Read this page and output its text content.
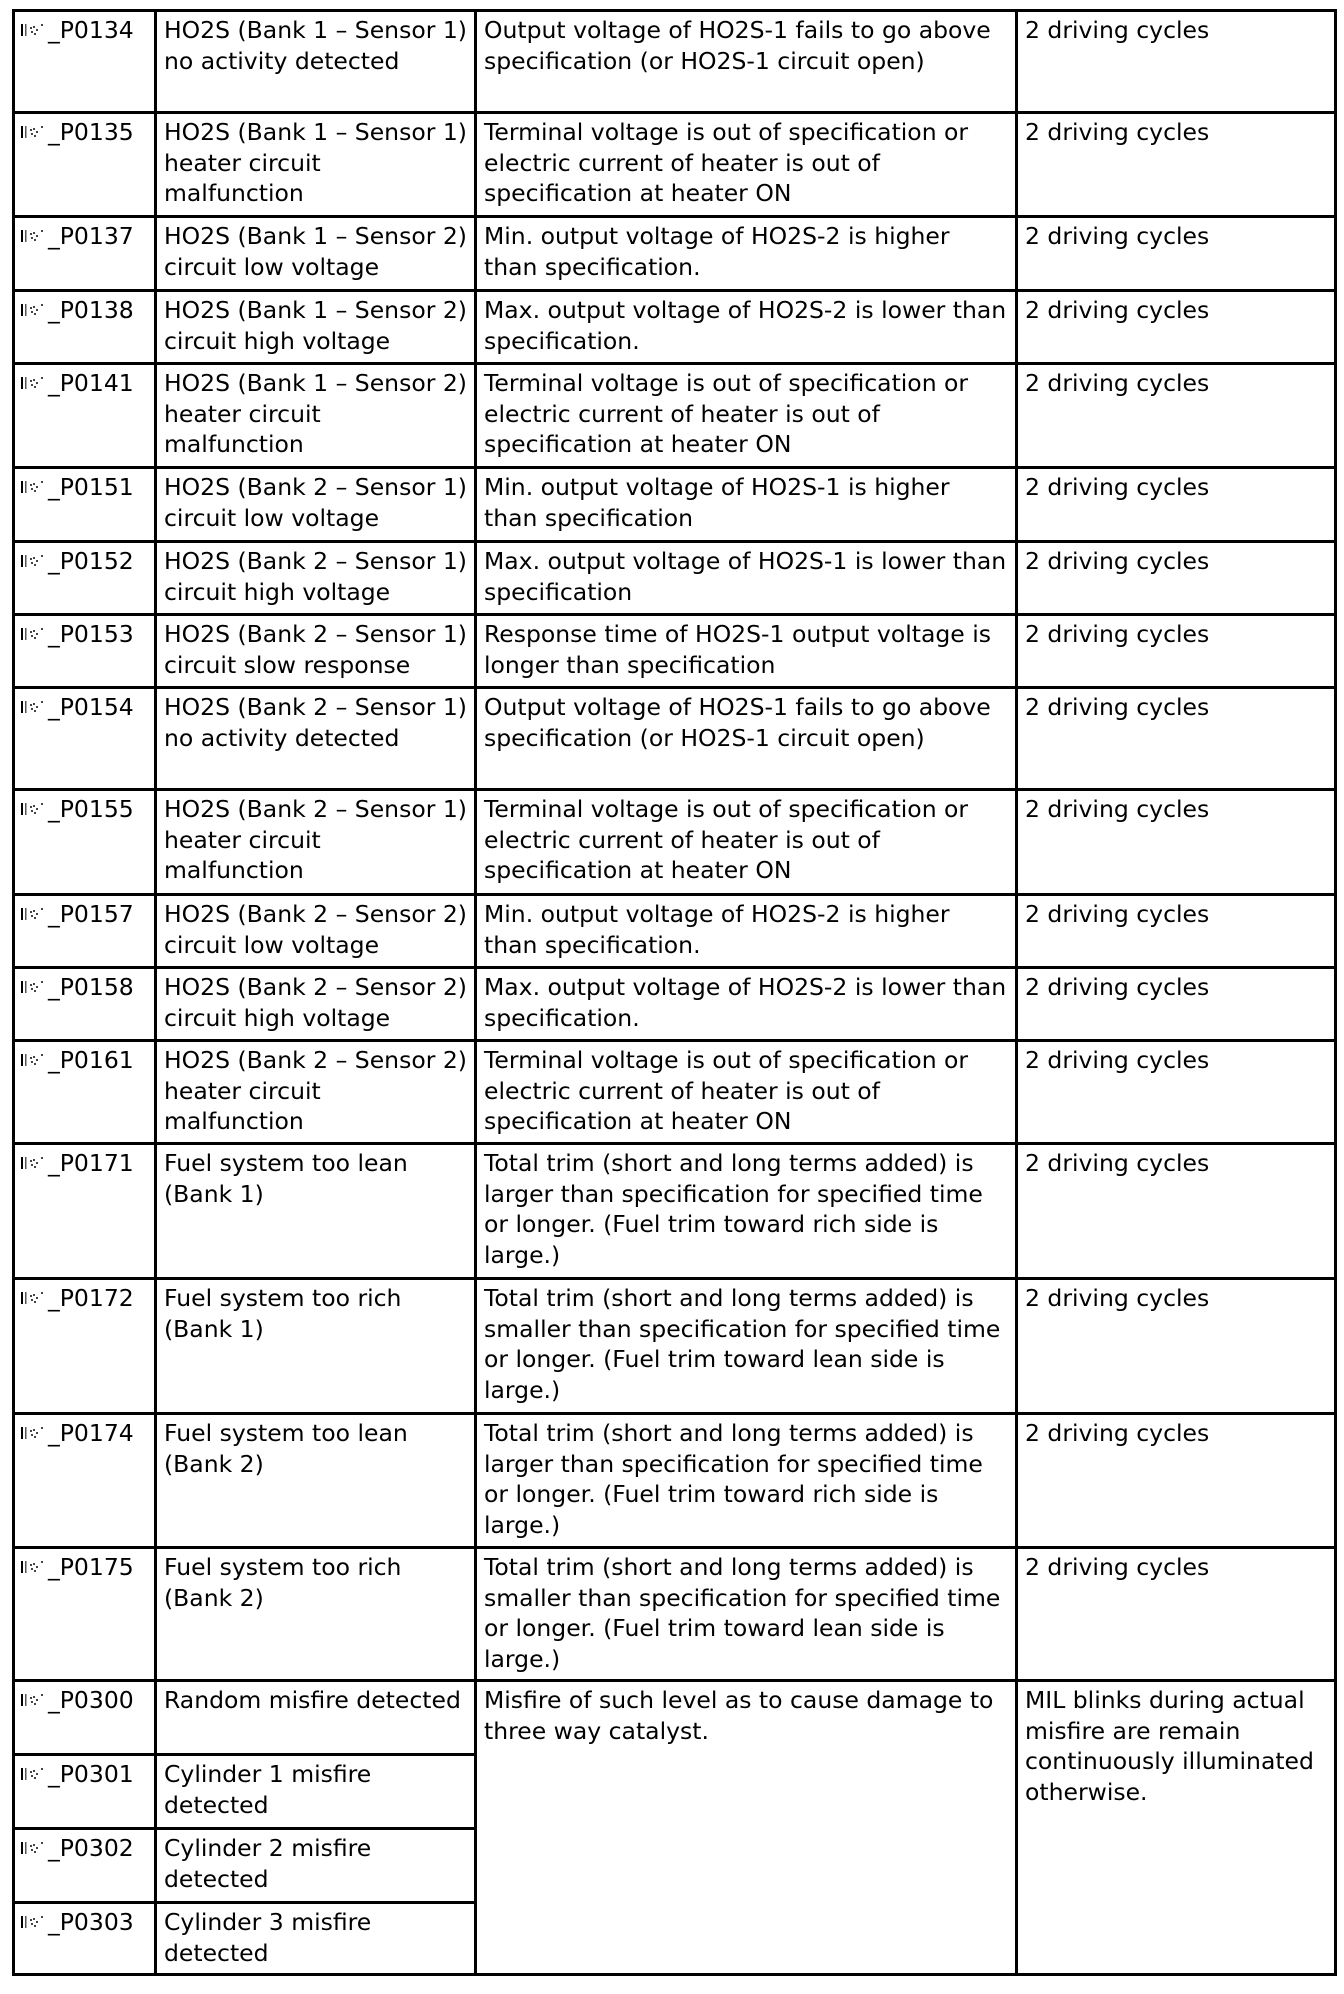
_P0134	HO2S (Bank 1 – Sensor 1) no activity detected	Output voltage of HO2S-1 fails to go above specification (or HO2S-1 circuit open)	2 driving cycles
_P0135	HO2S (Bank 1 – Sensor 1) heater circuit malfunction	Terminal voltage is out of specification or electric current of heater is out of specification at heater ON	2 driving cycles
_P0137	HO2S (Bank 1 – Sensor 2) circuit low voltage	Min. output voltage of HO2S-2 is higher than specification.	2 driving cycles
_P0138	HO2S (Bank 1 – Sensor 2) circuit high voltage	Max. output voltage of HO2S-2 is lower than specification.	2 driving cycles
_P0141	HO2S (Bank 1 – Sensor 2) heater circuit malfunction	Terminal voltage is out of specification or electric current of heater is out of specification at heater ON	2 driving cycles
_P0151	HO2S (Bank 2 – Sensor 1) circuit low voltage	Min. output voltage of HO2S-1 is higher than specification	2 driving cycles
_P0152	HO2S (Bank 2 – Sensor 1) circuit high voltage	Max. output voltage of HO2S-1 is lower than specification	2 driving cycles
_P0153	HO2S (Bank 2 – Sensor 1) circuit slow response	Response time of HO2S-1 output voltage is longer than specification	2 driving cycles
_P0154	HO2S (Bank 2 – Sensor 1) no activity detected	Output voltage of HO2S-1 fails to go above specification (or HO2S-1 circuit open)	2 driving cycles
_P0155	HO2S (Bank 2 – Sensor 1) heater circuit malfunction	Terminal voltage is out of specification or electric current of heater is out of specification at heater ON	2 driving cycles
_P0157	HO2S (Bank 2 – Sensor 2) circuit low voltage	Min. output voltage of HO2S-2 is higher than specification.	2 driving cycles
_P0158	HO2S (Bank 2 – Sensor 2) circuit high voltage	Max. output voltage of HO2S-2 is lower than specification.	2 driving cycles
_P0161	HO2S (Bank 2 – Sensor 2) heater circuit malfunction	Terminal voltage is out of specification or electric current of heater is out of specification at heater ON	2 driving cycles
_P0171	Fuel system too lean (Bank 1)	Total trim (short and long terms added) is larger than specification for specified time or longer. (Fuel trim toward rich side is large.)	2 driving cycles
_P0172	Fuel system too rich (Bank 1)	Total trim (short and long terms added) is smaller than specification for specified time or longer. (Fuel trim toward lean side is large.)	2 driving cycles
_P0174	Fuel system too lean (Bank 2)	Total trim (short and long terms added) is larger than specification for specified time or longer. (Fuel trim toward rich side is large.)	2 driving cycles
_P0175	Fuel system too rich (Bank 2)	Total trim (short and long terms added) is smaller than specification for specified time or longer. (Fuel trim toward lean side is large.)	2 driving cycles
_P0300	Random misfire detected	Misfire of such level as to cause damage to three way catalyst.	MIL blinks during actual misfire are remain continuously illuminated otherwise.
_P0301	Cylinder 1 misfire detected		
_P0302	Cylinder 2 misfire detected		
_P0303	Cylinder 3 misfire detected		
